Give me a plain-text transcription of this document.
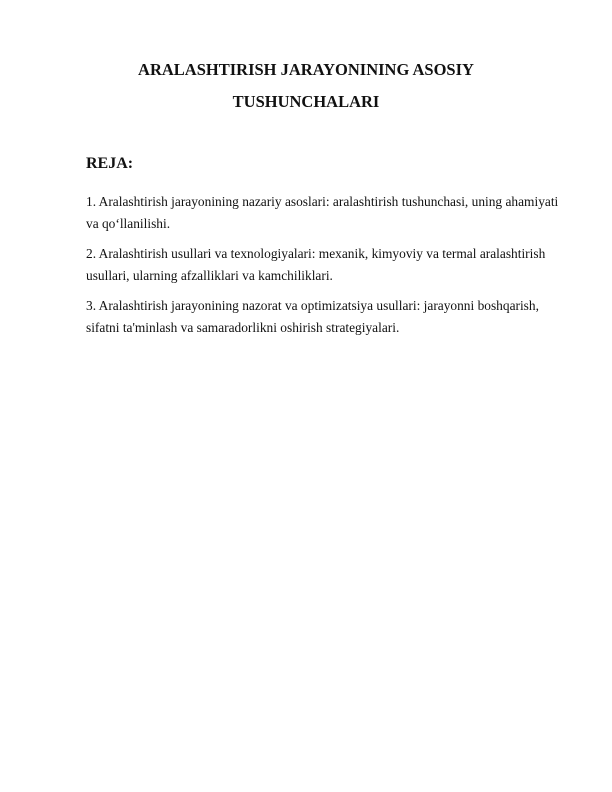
ARALASHTIRISH JARAYONINING ASOSIY
TUSHUNCHALARI
REJA:
1. Aralashtirish jarayonining nazariy asoslari: aralashtirish tushunchasi, uning ahamiyati va qo‘llanilishi.
2. Aralashtirish usullari va texnologiyalari: mexanik, kimyoviy va termal aralashtirish usullari, ularning afzalliklari va kamchiliklari.
3. Aralashtirish jarayonining nazorat va optimizatsiya usullari: jarayonni boshqarish, sifatni ta'minlash va samaradorlikni oshirish strategiyalari.
